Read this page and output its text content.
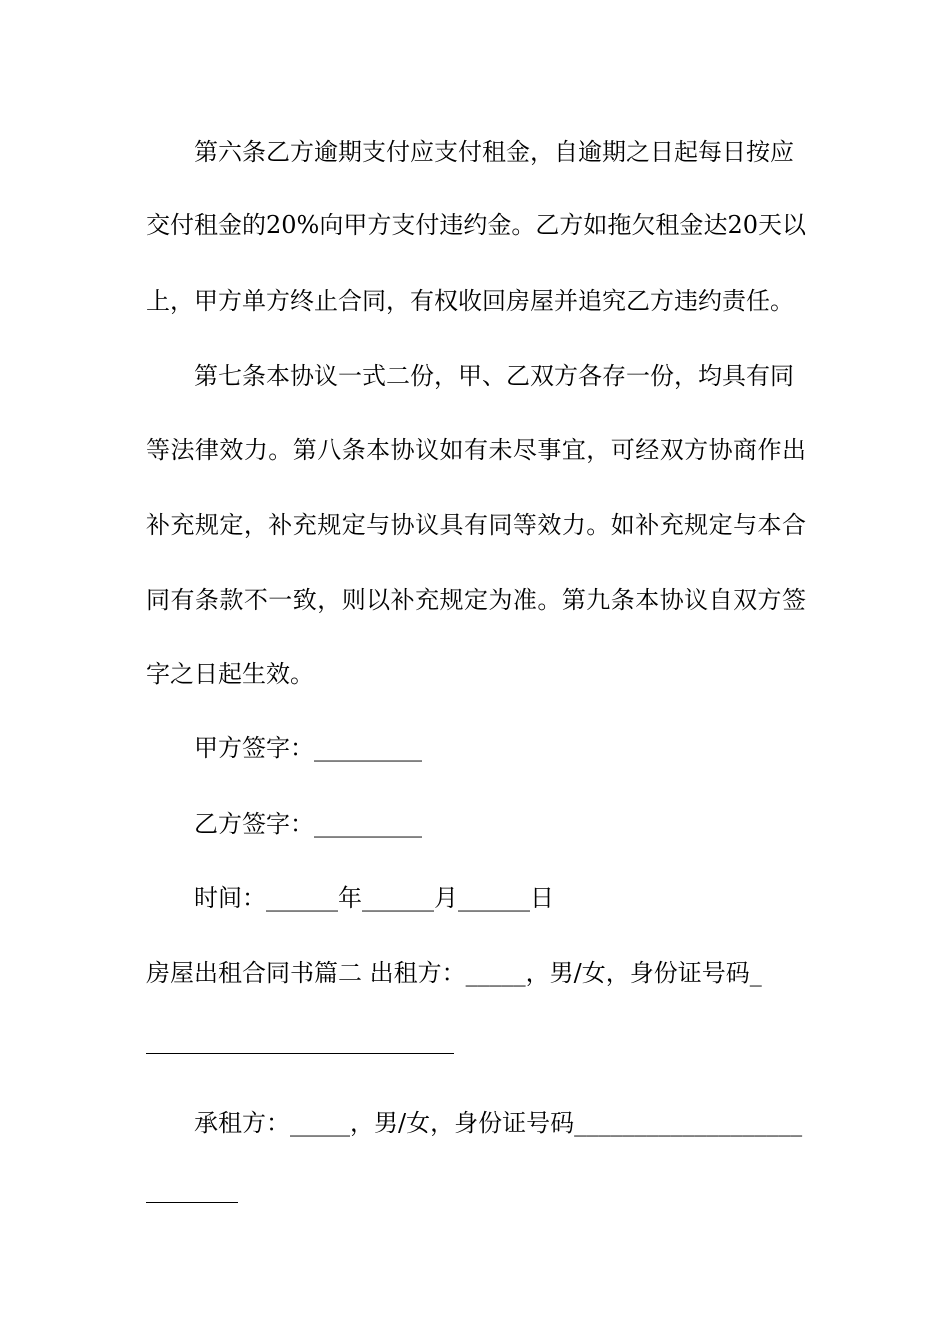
第六条乙方逾期支付应支付租金，自逾期之日起每日按应
交付租金的20%向甲方支付违约金。乙方如拖欠租金达20天以
上，甲方单方终止合同，有权收回房屋并追究乙方违约责任。
第七条本协议一式二份，甲、乙双方各存一份，均具有同
等法律效力。第八条本协议如有未尽事宜，可经双方协商作出
补充规定，补充规定与协议具有同等效力。如补充规定与本合
同有条款不一致，则以补充规定为准。第九条本协议自双方签
字之日起生效。
甲方签字：_________
乙方签字：_________
时间：______年______月______日
房屋出租合同书篇二 出租方：_____，男/女，身份证号码_
承租方：_____，男/女，身份证号码___________________
